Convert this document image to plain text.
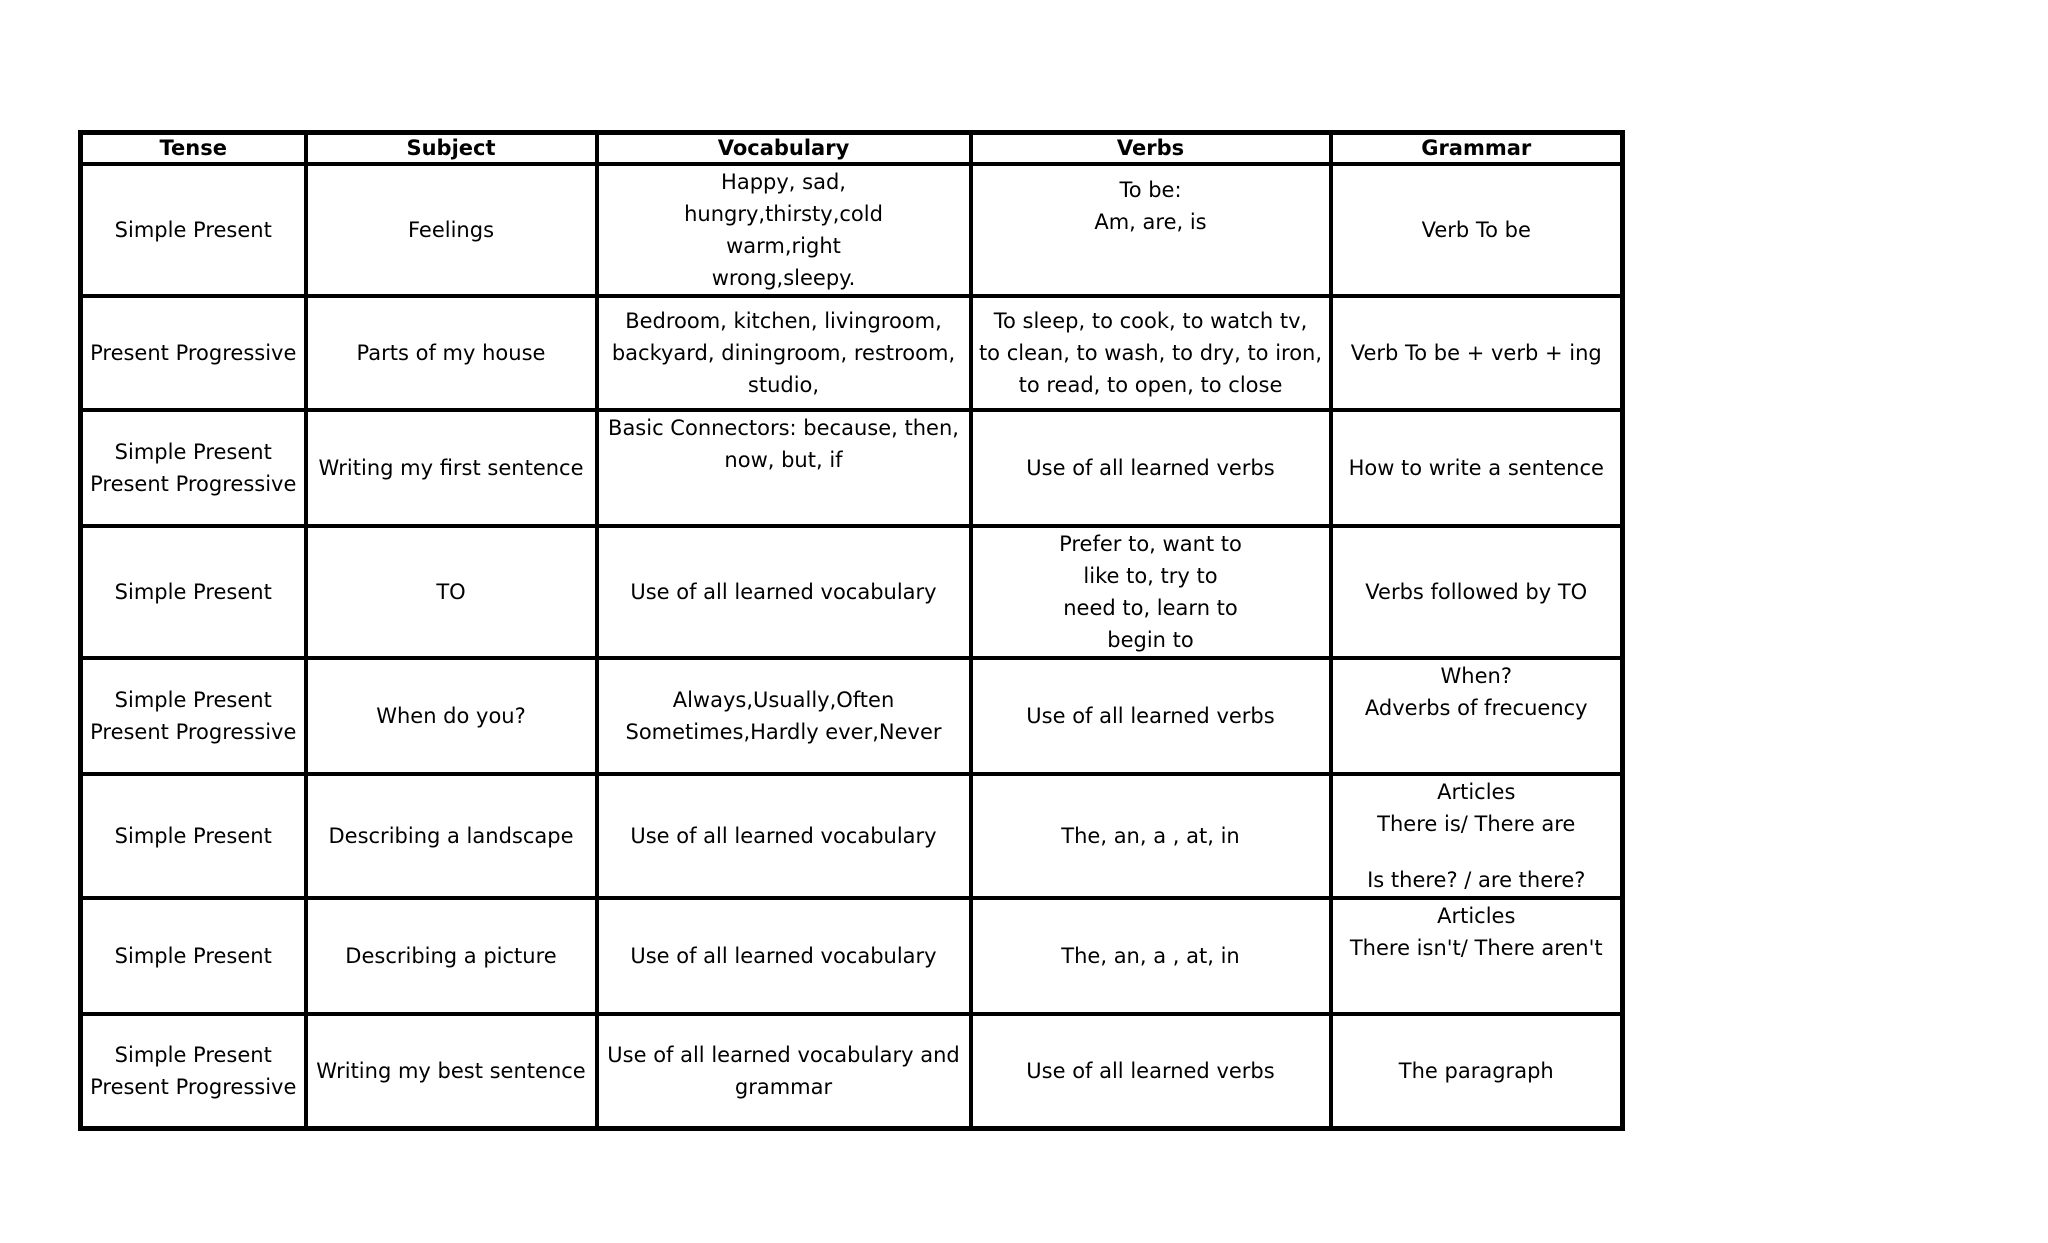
Tense	Subject	Vocabulary	Verbs	Grammar

Simple Present	Feelings	Happy, sad,
hungry,thirsty,cold
warm,right
wrong,sleepy.	To be:
Am, are, is	Verb To be

Present Progressive	Parts of my house	Bedroom, kitchen, livingroom,
backyard, diningroom, restroom,
studio,	To sleep, to cook, to watch tv,
to clean, to wash, to dry, to iron,
to read, to open, to close	Verb To be + verb + ing

Simple Present
Present Progressive	Writing my first sentence	Basic Connectors: because, then,
now, but, if	Use of all learned verbs	How to write a sentence

Simple Present	TO	Use of all learned vocabulary	Prefer to, want to
like to, try to
need to, learn to
begin to	Verbs followed by TO

Simple Present
Present Progressive	When do you?	Always,Usually,Often
Sometimes,Hardly ever,Never	Use of all learned verbs	When?
Adverbs of frecuency

Simple Present	Describing a landscape	Use of all learned vocabulary	The, an, a , at, in	Articles
There is/ There are
Is there? / are there?

Simple Present	Describing a picture	Use of all learned vocabulary	The, an, a , at, in	Articles
There isn't/ There aren't

Simple Present
Present Progressive	Writing my best sentence	Use of all learned vocabulary and
grammar	Use of all learned verbs	The paragraph
